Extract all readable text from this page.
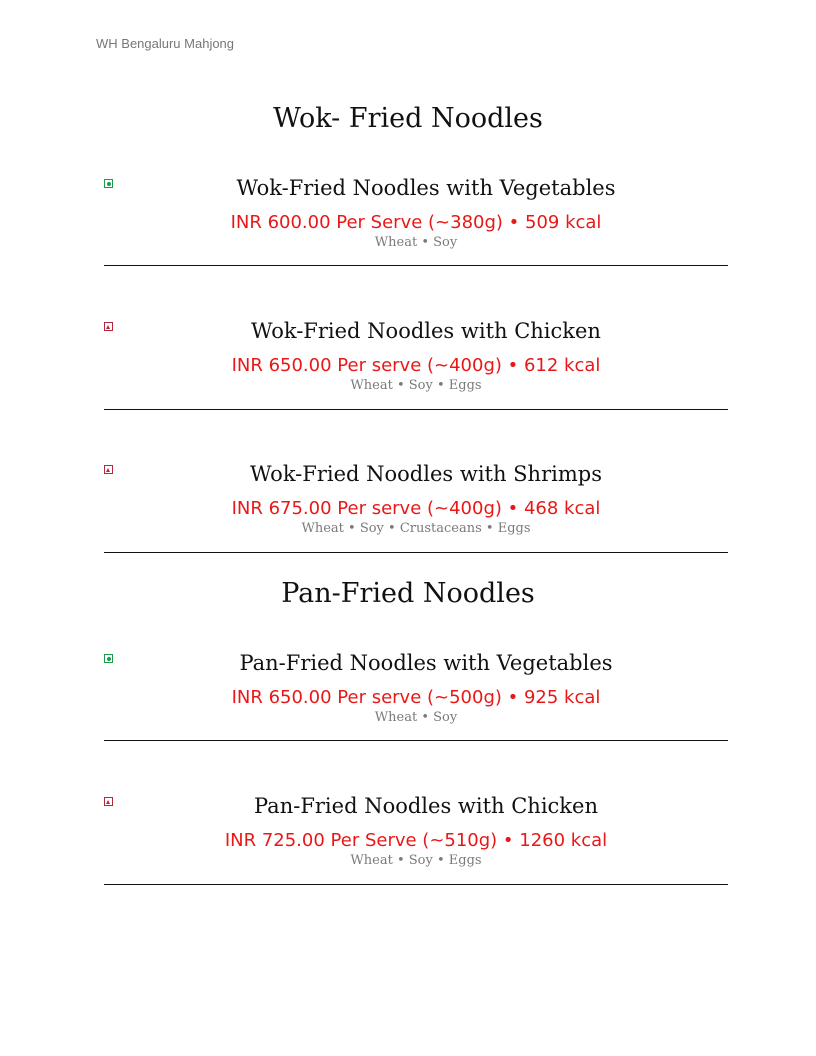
WH Bengaluru Mahjong
Wok- Fried Noodles
Wok-Fried Noodles with Vegetables
INR 600.00 Per Serve (~380g) • 509 kcal
Wheat • Soy
Wok-Fried Noodles with Chicken
INR 650.00 Per serve (~400g) • 612 kcal
Wheat • Soy • Eggs
Wok-Fried Noodles with Shrimps
INR 675.00 Per serve (~400g) • 468 kcal
Wheat • Soy • Crustaceans • Eggs
Pan-Fried Noodles
Pan-Fried Noodles with Vegetables
INR 650.00 Per serve (~500g) • 925 kcal
Wheat • Soy
Pan-Fried Noodles with Chicken
INR 725.00 Per Serve (~510g) • 1260 kcal
Wheat • Soy • Eggs
